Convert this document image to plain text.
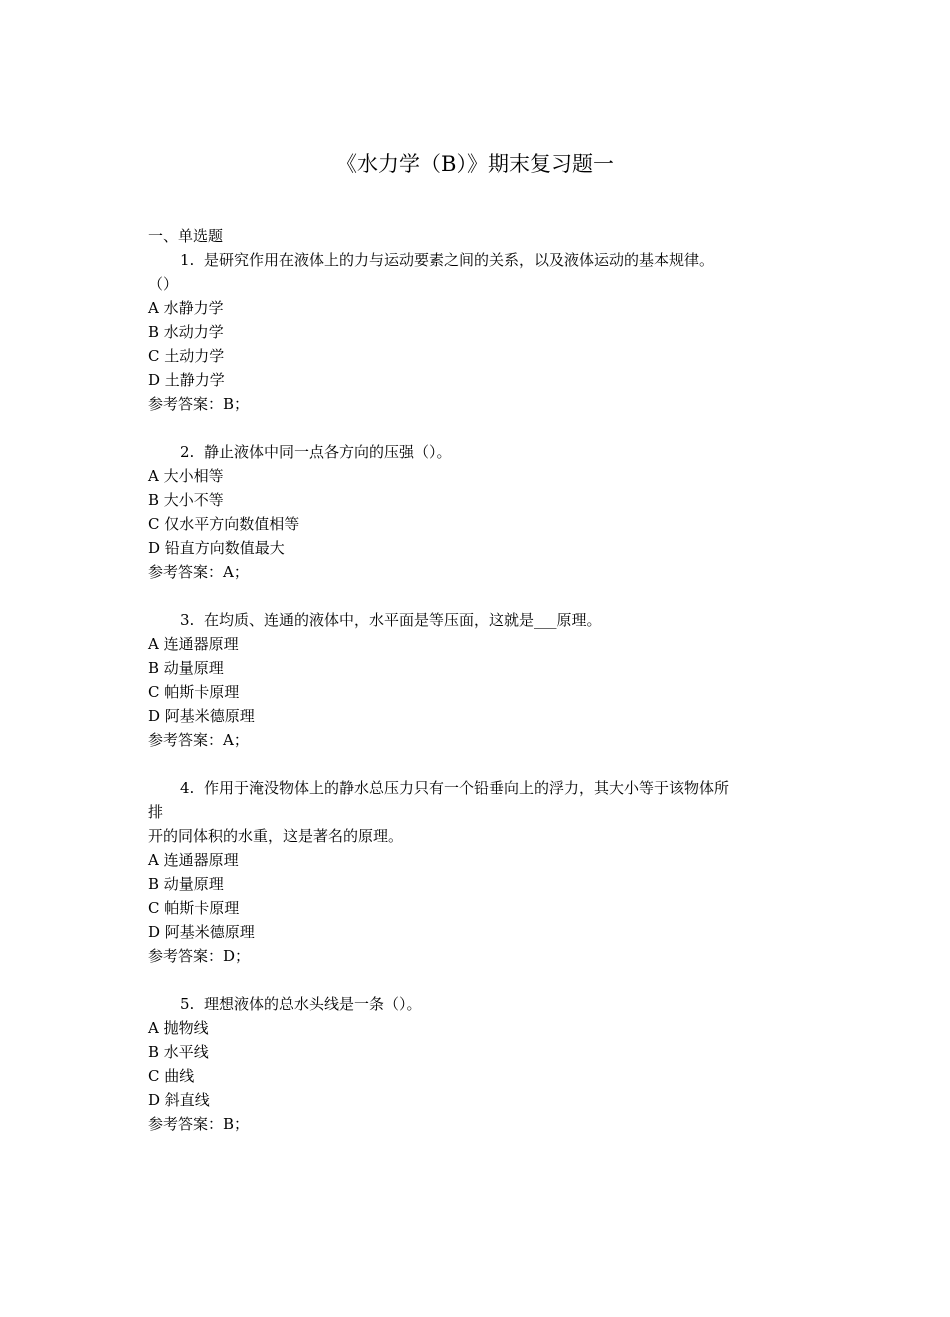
《水力学（B）》期末复习题一
一、单选题
1. 是研究作用在液体上的力与运动要素之间的关系，以及液体运动的基本规律。
（）
A 水静力学
B 水动力学
C 土动力学
D 土静力学
参考答案：B；
2. 静止液体中同一点各方向的压强（）。
A 大小相等
B 大小不等
C 仅水平方向数值相等
D 铅直方向数值最大
参考答案：A；
3. 在均质、连通的液体中，水平面是等压面，这就是___原理。
A 连通器原理
B 动量原理
C 帕斯卡原理
D 阿基米德原理
参考答案：A；
4. 作用于淹没物体上的静水总压力只有一个铅垂向上的浮力，其大小等于该物体所
排
开的同体积的水重，这是著名的原理。
A 连通器原理
B 动量原理
C 帕斯卡原理
D 阿基米德原理
参考答案：D；
5. 理想液体的总水头线是一条（）。
A 抛物线
B 水平线
C 曲线
D 斜直线
参考答案：B；
